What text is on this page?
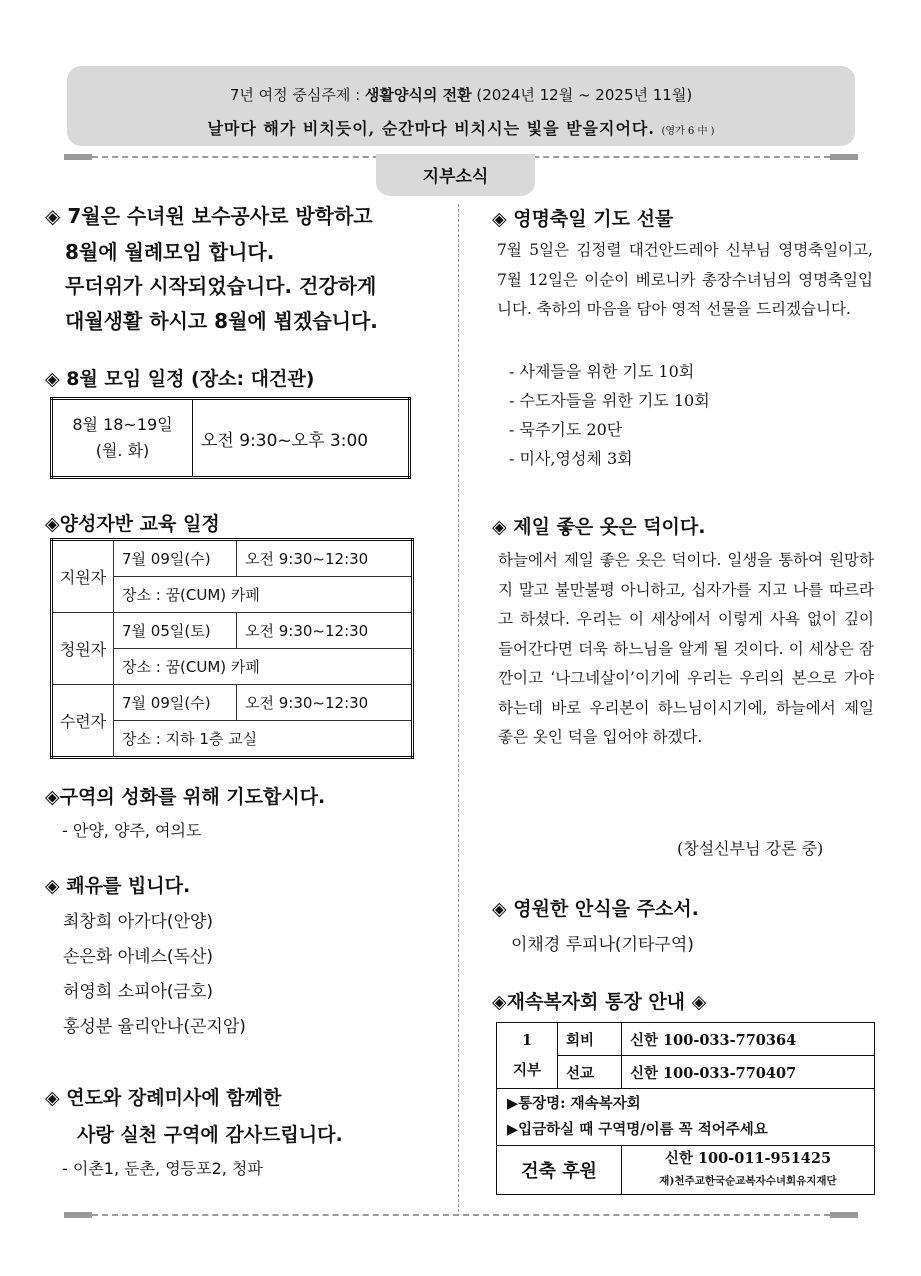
7년 여정 중심주제 : 생활양식의 전환 (2024년 12월 ~ 2025년 11월)
날마다 해가 비치듯이, 순간마다 비치시는 빛을 받을지어다. (영가 6 中 )
지부소식
◈ 7월은 수녀원 보수공사로 방학하고
8월에 월례모임 합니다.
무더위가 시작되었습니다. 건강하게
대월생활 하시고 8월에 뵙겠습니다.
◈ 8월 모임 일정 (장소: 대건관)
8월 18~19일
(월. 화)	오전 9:30~오후 3:00
◈양성자반 교육 일정
지원자	7월 09일(수)	오전 9:30~12:30
	장소 : 꿈(CUM) 카페	
청원자	7월 05일(토)	오전 9:30~12:30
	장소 : 꿈(CUM) 카페	
수련자	7월 09일(수)	오전 9:30~12:30
	장소 : 지하 1층 교실	
◈구역의 성화를 위해 기도합시다.
- 안양, 양주, 여의도
◈ 쾌유를 빕니다.
최창희 아가다(안양)
손은화 아녜스(독산)
허영희 소피아(금호)
홍성분 율리안나(곤지암)
◈ 연도와 장례미사에 함께한
사랑 실천 구역에 감사드립니다.
- 이촌1, 둔촌, 영등포2, 청파
◈ 영명축일 기도 선물
7월 5일은 김정렬 대건안드레아 신부님 영명축일이고, 7월 12일은 이순이 베로니카 총장수녀님의 영명축일입니다. 축하의 마음을 담아 영적 선물을 드리겠습니다.
- 사제들을 위한 기도 10회
- 수도자들을 위한 기도 10회
- 묵주기도 20단
- 미사,영성체 3회
◈ 제일 좋은 옷은 덕이다.
하늘에서 제일 좋은 옷은 덕이다. 일생을 통하여 원망하지 말고 불만불평 아니하고, 십자가를 지고 나를 따르라고 하셨다. 우리는 이 세상에서 이렇게 사욕 없이 깊이 들어간다면 더욱 하느님을 알게 될 것이다. 이 세상은 잠깐이고 ‘나그네살이’이기에 우리는 우리의 본으로 가야 하는데 바로 우리본이 하느님이시기에, 하늘에서 제일 좋은 옷인 덕을 입어야 하겠다.
(창설신부님 강론 중)
◈ 영원한 안식을 주소서.
이채경 루피나(기타구역)
◈재속복자회 통장 안내 ◈
1
지부	회비	신한 100-033-770364
	선교	신한 100-033-770407

▶통장명: 재속복자회
▶입금하실 때 구역명/이름 꼭 적어주세요		

건축 후원		신한 100-011-951425
재)천주교한국순교복자수녀회유지재단
